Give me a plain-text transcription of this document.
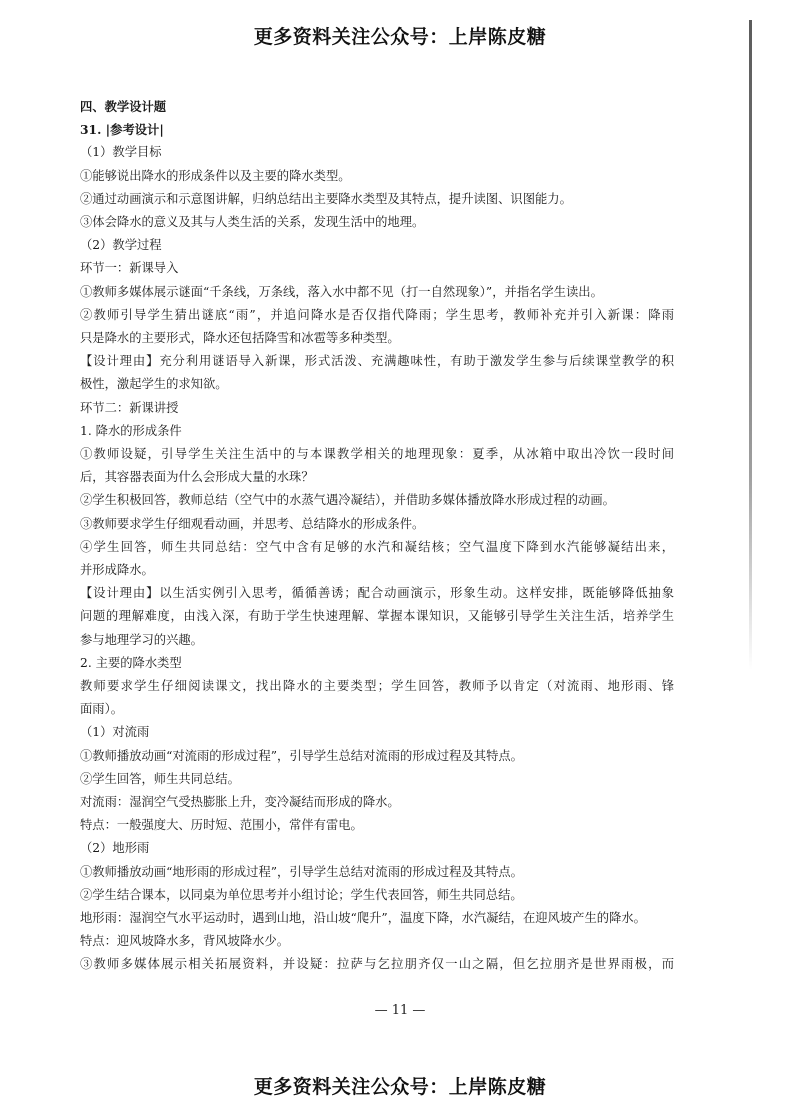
更多资料关注公众号：上岸陈皮糖
四、教学设计题
31. |参考设计|
（1）教学目标
①能够说出降水的形成条件以及主要的降水类型。
②通过动画演示和示意图讲解，归纳总结出主要降水类型及其特点，提升读图、识图能力。
③体会降水的意义及其与人类生活的关系，发现生活中的地理。
（2）教学过程
环节一：新课导入
①教师多媒体展示谜面“千条线，万条线，落入水中都不见（打一自然现象）”，并指名学生读出。
②教师引导学生猜出谜底“雨”，并追问降水是否仅指代降雨；学生思考，教师补充并引入新课：降雨
只是降水的主要形式，降水还包括降雪和冰雹等多种类型。
【设计理由】充分利用谜语导入新课，形式活泼、充满趣味性，有助于激发学生参与后续课堂教学的积
极性，激起学生的求知欲。
环节二：新课讲授
1. 降水的形成条件
①教师设疑，引导学生关注生活中的与本课教学相关的地理现象：夏季，从冰箱中取出冷饮一段时间
后，其容器表面为什么会形成大量的水珠？
②学生积极回答，教师总结（空气中的水蒸气遇冷凝结），并借助多媒体播放降水形成过程的动画。
③教师要求学生仔细观看动画，并思考、总结降水的形成条件。
④学生回答，师生共同总结：空气中含有足够的水汽和凝结核；空气温度下降到水汽能够凝结出来，
并形成降水。
【设计理由】以生活实例引入思考，循循善诱；配合动画演示，形象生动。这样安排，既能够降低抽象
问题的理解难度，由浅入深，有助于学生快速理解、掌握本课知识，又能够引导学生关注生活，培养学生
参与地理学习的兴趣。
2. 主要的降水类型
教师要求学生仔细阅读课文，找出降水的主要类型；学生回答，教师予以肯定（对流雨、地形雨、锋
面雨）。
（1）对流雨
①教师播放动画“对流雨的形成过程”，引导学生总结对流雨的形成过程及其特点。
②学生回答，师生共同总结。
对流雨：湿润空气受热膨胀上升，变冷凝结而形成的降水。
特点：一般强度大、历时短、范围小，常伴有雷电。
（2）地形雨
①教师播放动画“地形雨的形成过程”，引导学生总结对流雨的形成过程及其特点。
②学生结合课本，以同桌为单位思考并小组讨论；学生代表回答，师生共同总结。
地形雨：湿润空气水平运动时，遇到山地，沿山坡“爬升”，温度下降，水汽凝结，在迎风坡产生的降水。
特点：迎风坡降水多，背风坡降水少。
③教师多媒体展示相关拓展资料，并设疑：拉萨与乞拉朋齐仅一山之隔，但乞拉朋齐是世界雨极，而
— 11 —
更多资料关注公众号：上岸陈皮糖
